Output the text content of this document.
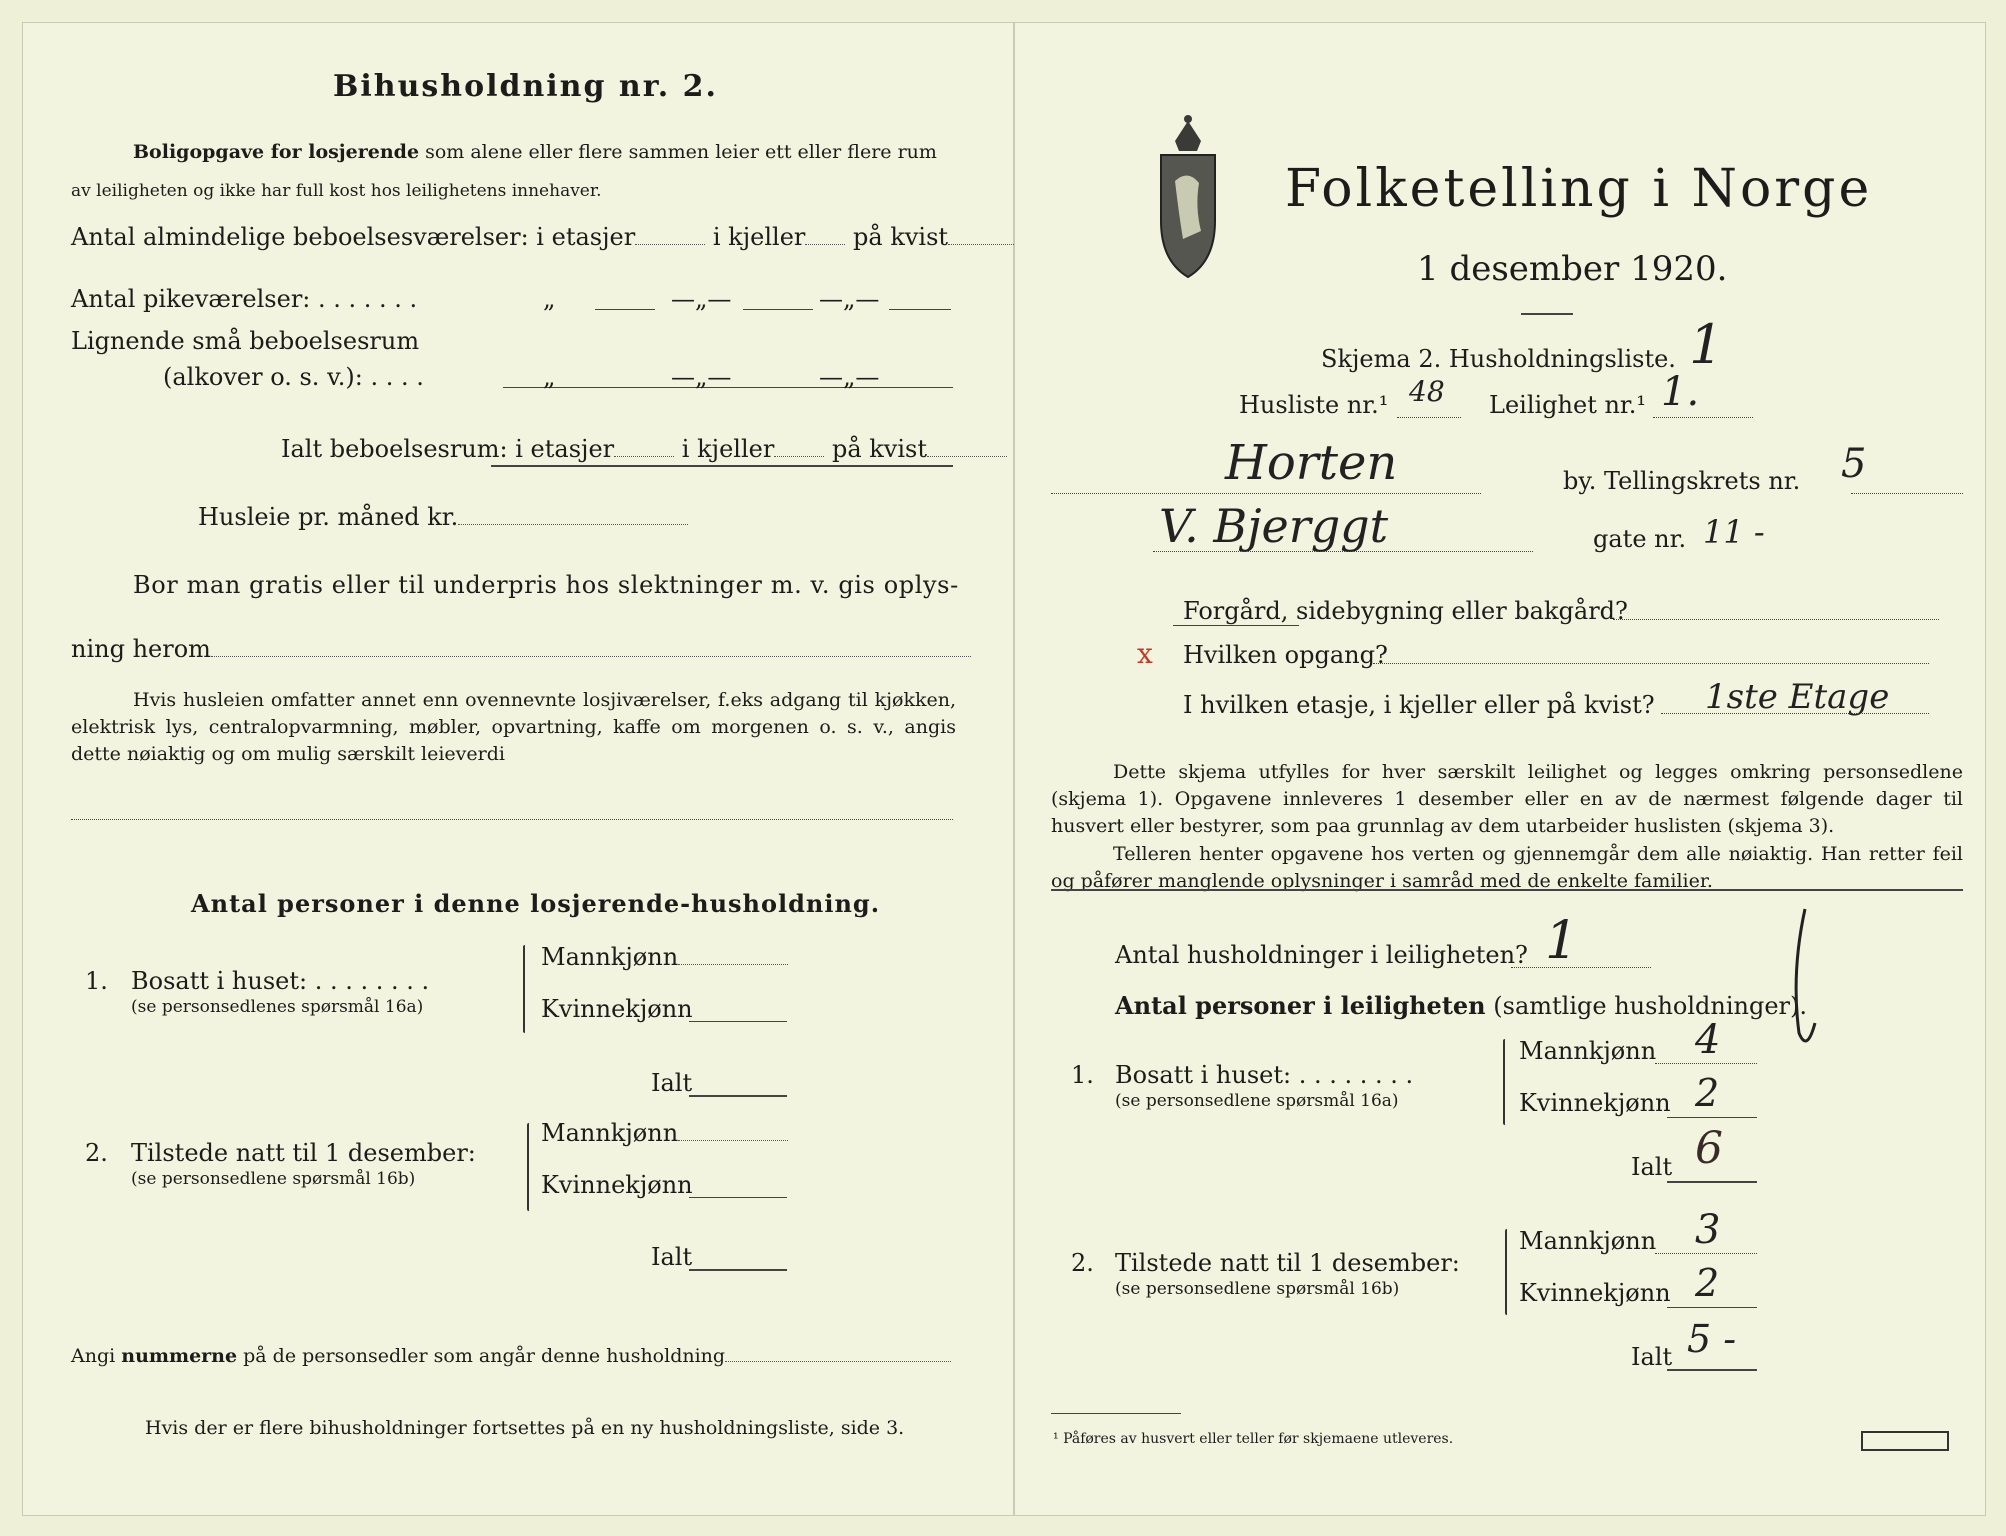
Bihusholdning nr. 2.
Boligopgave for losjerende som alene eller flere sammen leier ett eller flere rum
av leiligheten og ikke har full kost hos leilighetens innehaver.
Antal almindelige beboelsesværelser: i etasjer	i kjeller på kvist
Antal pikeværelser: . . . . . . .	„	—„—	—„—
Lignende små beboelsesrum
(alkover o. s. v.): . . . .	„	—„—	—„—
Ialt beboelsesrum: i etasjer	i kjeller på kvist
Husleie pr. måned kr.
Bor man gratis eller til underpris hos slektninger m. v. gis oplys-
ning herom
Hvis husleien omfatter annet enn ovennevnte losjiværelser, f.eks adgang til kjøkken, elektrisk lys, centralopvarmning, møbler, opvartning, kaffe om morgenen o. s. v., angis dette nøiaktig og om mulig særskilt leieverdi
Antal personer i denne losjerende-husholdning.
1. Bosatt i huset: . . . . . . . .
(se personsedlenes spørsmål 16a)
Mannkjønn
Kvinnekjønn
Ialt
2. Tilstede natt til 1 desember:
(se personsedlene spørsmål 16b)
Mannkjønn
Kvinnekjønn
Ialt
Angi nummerne på de personsedler som angår denne husholdning
Hvis der er flere bihusholdninger fortsettes på en ny husholdningsliste, side 3.
Folketelling i Norge
1 desember 1920.
Skjema 2. Husholdningsliste. 1
Husliste nr.¹ 48 Leilighet nr.¹ 1.
Horten	by. Tellingskrets nr. 5
V. Bjerggt	gate nr. 11 -
Forgård, sidebygning eller bakgård?
x Hvilken opgang?
I hvilken etasje, i kjeller eller på kvist? 1ste Etage
Dette skjema utfylles for hver særskilt leilighet og legges omkring personsedlene (skjema 1). Opgavene innleveres 1 desember eller en av de nærmest følgende dager til husvert eller bestyrer, som paa grunnlag av dem utarbeider huslisten (skjema 3).
Telleren henter opgavene hos verten og gjennemgår dem alle nøiaktig. Han retter feil og påfører manglende oplysninger i samråd med de enkelte familier.
Antal husholdninger i leiligheten? 1
Antal personer i leiligheten (samtlige husholdninger).
1. Bosatt i huset: . . . . . . . .
(se personsedlene spørsmål 16a)
Mannkjønn 4
Kvinnekjønn 2
Ialt 6
2. Tilstede natt til 1 desember:
(se personsedlene spørsmål 16b)
Mannkjønn 3
Kvinnekjønn 2
Ialt 5 -
¹ Påføres av husvert eller teller før skjemaene utleveres.
